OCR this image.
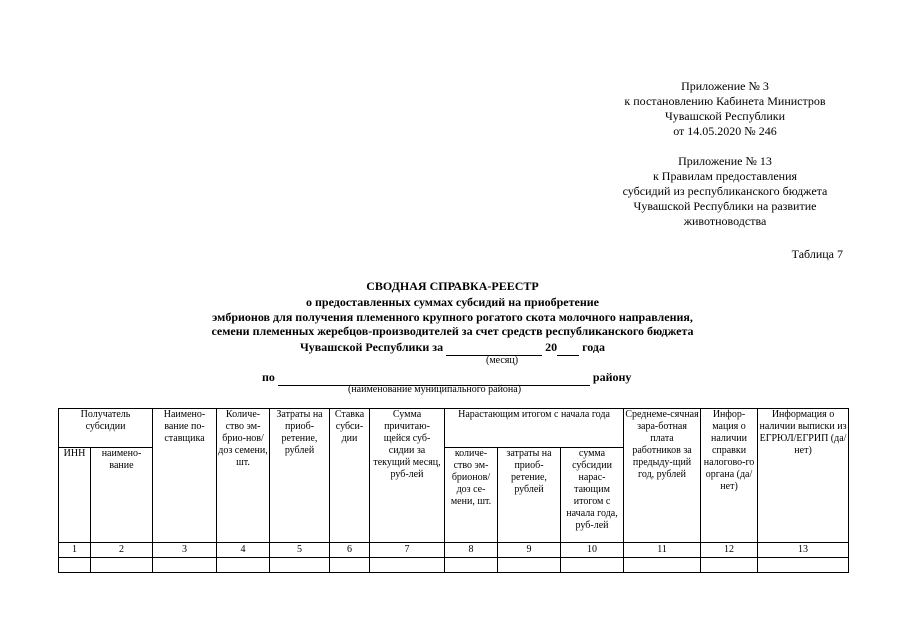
Приложение № 3
к постановлению Кабинета Министров
Чувашской Республики
от 14.05.2020 № 246
Приложение № 13
к Правилам предоставления
субсидий из республиканского бюджета
Чувашской Республики на развитие
животноводства
Таблица 7
СВОДНАЯ СПРАВКА-РЕЕСТР
о предоставленных суммах субсидий на приобретение
эмбрионов для получения племенного крупного рогатого скота молочного направления,
семени племенных жеребцов-производителей за счет средств республиканского бюджета
Чувашской Республики за	20 года
(месяц)
по	району
(наименование муниципального района)
Получатель субсидии		Наимено-вание по-ставщика	Количе-ство эм-брио-нов/доз семени, шт.	Затраты на приоб-ретение, рублей	Ставка субси-дии	Сумма причитаю-щейся суб-сидии за текущий месяц, руб-лей	Нарастающим итогом с начала года			Среднеме-сячная зара-ботная плата работников за предыду-щий год, рублей	Инфор-мация о наличии справки налогово-го органа (да/нет)	Информация о наличии выписки из ЕГРЮЛ/ЕГРИП (да/нет)
ИНН	наимено-вание						количе-ство эм-брионов/доз се-мени, шт.	затраты на приоб-ретение, рублей	сумма субсидии нарас-тающим итогом с начала года, руб-лей			

1	2	3	4	5	6	7	8	9	10	11	12	13
